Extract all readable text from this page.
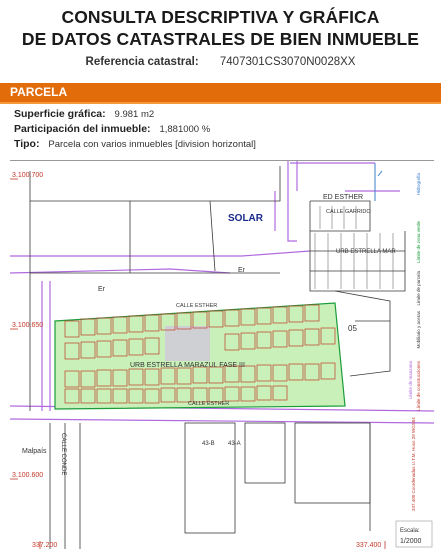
CONSULTA DESCRIPTIVA Y GRÁFICA
DE DATOS CATASTRALES DE BIEN INMUEBLE
Referencia catastral: 7407301CS3070N0028XX
PARCELA
Superficie gráfica: 9.981 m2
Participación del inmueble: 1,881000 %
Tipo: Parcela con varios inmuebles [division horizontal]
3.100.700
3.100.650
3.100.600
337.200	337.400
SOLAR
Er
Er
ED ESTHER
CALLE GARRIDO
URB ESTRELLA MAR
CALLE ESTHER
URB ESTRELLA MARAZUL FASE III
CALLE ESTHER
CALLE CONDE
Malpaís
05
43-B 43-A
Hidrografía
Límite de zona verde
Límite de parcela
Mobiliario y aceras
Límite de construcciones
Límite de manzana
337.400 Coordenadas U.T.M. Huso 28 WGS84
Escala:
1/2000
